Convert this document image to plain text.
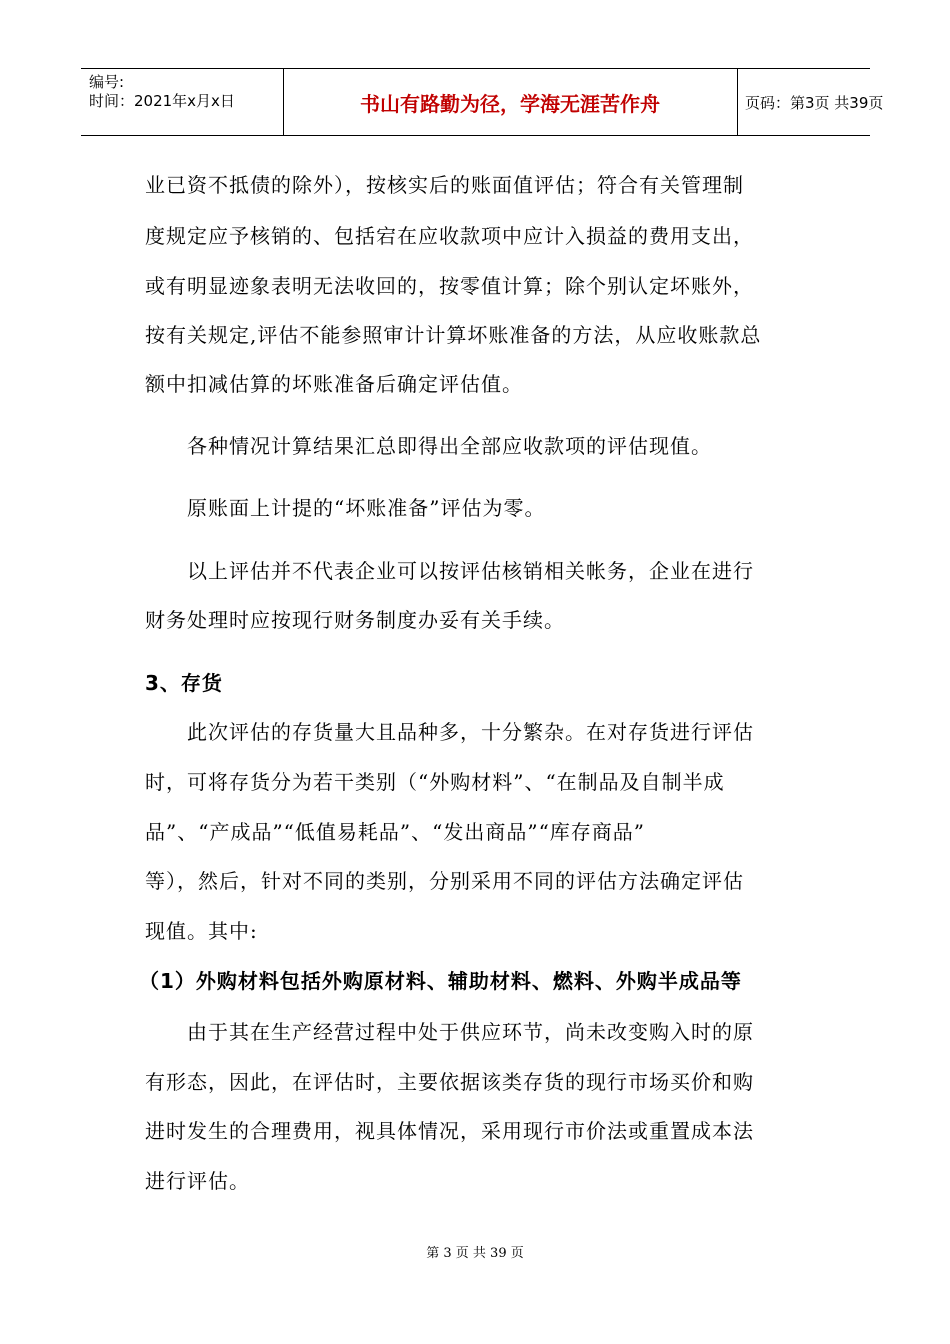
编号:
时间：2021年x月x日	书山有路勤为径，学海无涯苦作舟	页码：第3页 共39页
业已资不抵债的除外），按核实后的账面值评估；符合有关管理制
度规定应予核销的、包括宕在应收款项中应计入损益的费用支出，
或有明显迹象表明无法收回的，按零值计算；除个别认定坏账外，
按有关规定,评估不能参照审计计算坏账准备的方法，从应收账款总
额中扣减估算的坏账准备后确定评估值。
各种情况计算结果汇总即得出全部应收款项的评估现值。
原账面上计提的“坏账准备”评估为零。
以上评估并不代表企业可以按评估核销相关帐务，企业在进行
财务处理时应按现行财务制度办妥有关手续。
3、存货
此次评估的存货量大且品种多，十分繁杂。在对存货进行评估
时，可将存货分为若干类别（“外购材料”、“在制品及自制半成
品”、“产成品”“低值易耗品”、“发出商品”“库存商品”
等），然后，针对不同的类别，分别采用不同的评估方法确定评估
现值。其中:
（1）外购材料包括外购原材料、辅助材料、燃料、外购半成品等
由于其在生产经营过程中处于供应环节，尚未改变购入时的原
有形态，因此，在评估时，主要依据该类存货的现行市场买价和购
进时发生的合理费用，视具体情况，采用现行市价法或重置成本法
进行评估。
第 3 页 共 39 页
